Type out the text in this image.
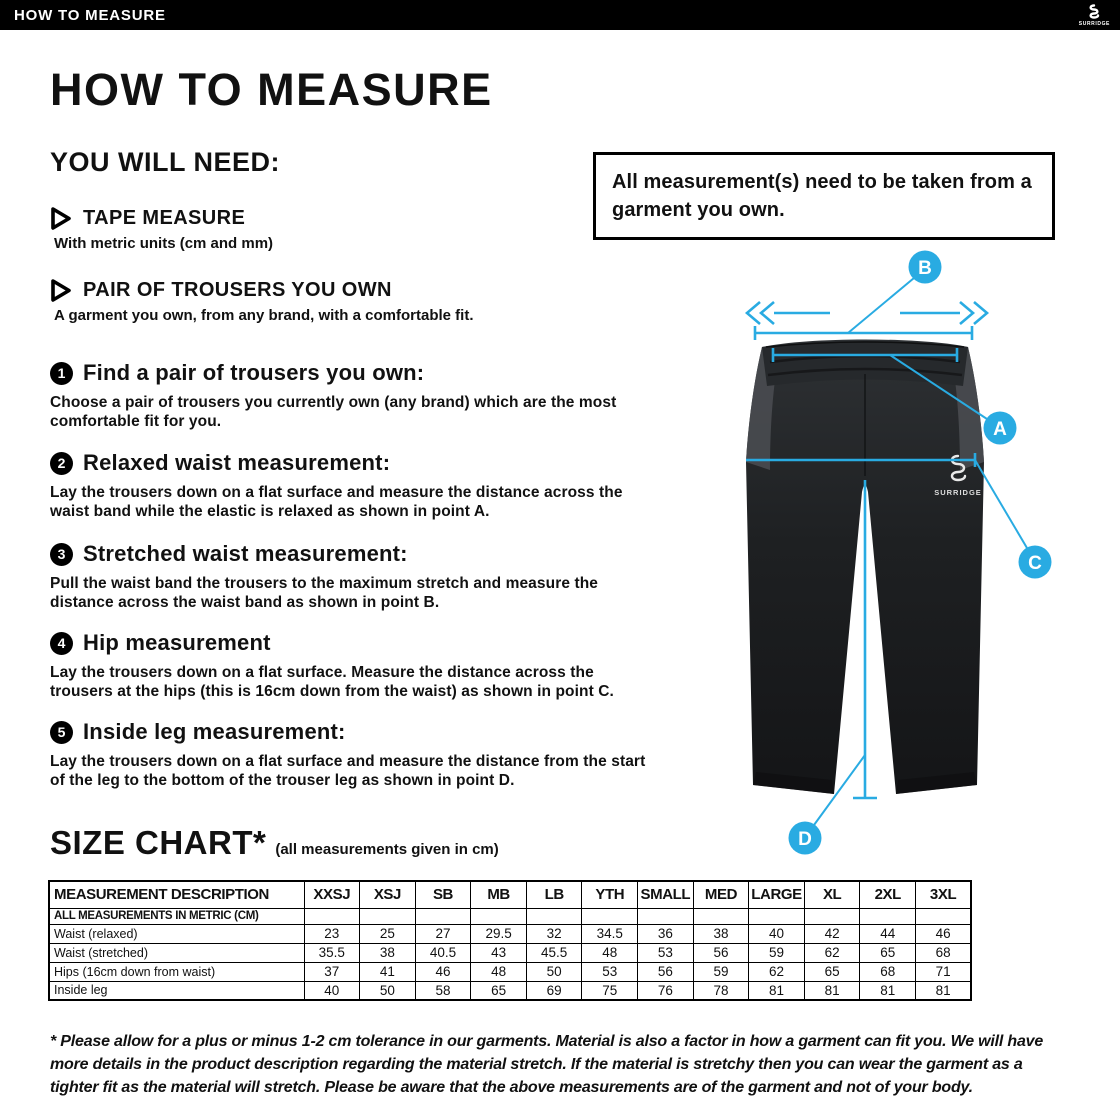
HOW TO MEASURE	SURRIDGE
HOW TO MEASURE
YOU WILL NEED:
TAPE MEASURE
With metric units (cm and mm)
PAIR OF TROUSERS YOU OWN
A garment you own, from any brand, with a comfortable fit.
All measurement(s) need to be taken from a garment you own.
1 Find a pair of trousers you own:
Choose a pair of trousers you currently own (any brand) which are the most comfortable fit for you.
2 Relaxed waist measurement:
Lay the trousers down on a flat surface and measure the distance across the waist band while the elastic is relaxed as shown in point A.
3 Stretched waist measurement:
Pull the waist band the trousers to the maximum stretch and measure the distance across the waist band as shown in point B.
4 Hip measurement
Lay the trousers down on a flat surface. Measure the distance across the trousers at the hips (this is 16cm down from the waist) as shown in point C.
5 Inside leg measurement:
Lay the trousers down on a flat surface and measure the distance from the start of the leg to the bottom of the trouser leg as shown in point D.
SURRIDGE
B
A
C
D
SIZE CHART* (all measurements given in cm)
MEASUREMENT DESCRIPTION	XXSJ	XSJ	SB	MB	LB	YTH	SMALL	MED	LARGE	XL	2XL	3XL
ALL MEASUREMENTS IN METRIC (CM)												
Waist (relaxed)	23	25	27	29.5	32	34.5	36	38	40	42	44	46
Waist (stretched)	35.5	38	40.5	43	45.5	48	53	56	59	62	65	68
Hips (16cm down from waist)	37	41	46	48	50	53	56	59	62	65	68	71
Inside leg	40	50	58	65	69	75	76	78	81	81	81	81
* Please allow for a plus or minus 1-2 cm tolerance in our garments. Material is also a factor in how a garment can fit you. We will have more details in the product description regarding the material stretch. If the material is stretchy then you can wear the garment as a tighter fit as the material will stretch. Please be aware that the above measurements are of the garment and not of your body.
